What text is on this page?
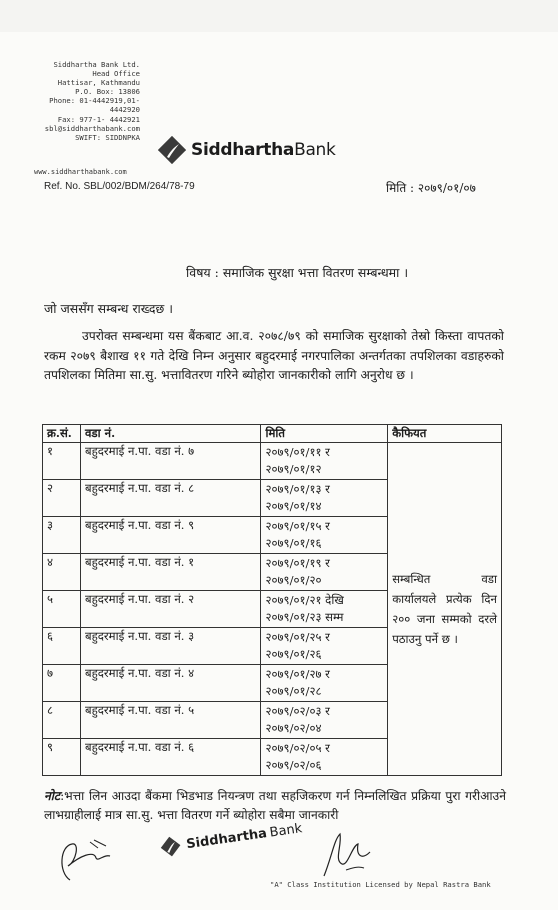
Siddhartha Bank Ltd.
Head Office
Hattisar, Kathmandu
P.O. Box: 13806
Phone: 01-4442919,01-
4442920
Fax: 977-1- 4442921
sbl@siddharthabank.com
SWIFT: SIDDNPKA
SiddharthaBank
www.siddharthabank.com
Ref. No. SBL/002/BDM/264/78-79	मिति : २०७९/०१/०७
विषय : समाजिक सुरक्षा भत्ता वितरण सम्बन्धमा ।
जो जससँग सम्बन्ध राख्दछ ।
उपरोक्त सम्बन्धमा यस बैंकबाट आ.व. २०७८/७९ को समाजिक सुरक्षाको तेस्रो किस्ता वापतको रकम २०७९ बैशाख ११ गते देखि निम्न अनुसार बहुदरमाई नगरपालिका अन्तर्गतका तपशिलका वडाहरुको तपशिलका मितिमा सा.सु. भत्तावितरण गरिने ब्योहोरा जानकारीको लागि अनुरोध छ ।
क्र.सं.	वडा नं.	मिति	कैफियत
१	बहुदरमाई न.पा. वडा नं. ७	२०७९/०१/११ र
२०७९/०१/१२	सम्बन्धित वडा कार्यालयले प्रत्येक दिन २०० जना सम्मको दरले पठाउनु पर्ने छ ।
२	बहुदरमाई न.पा. वडा नं. ८	२०७९/०१/१३ र
२०७९/०१/१४	

३	बहुदरमाई न.पा. वडा नं. ९	२०७९/०१/१५ र
२०७९/०१/१६	

४	बहुदरमाई न.पा. वडा नं. १	२०७९/०१/१९ र
२०७९/०१/२०	

५	बहुदरमाई न.पा. वडा नं. २	२०७९/०१/२१ देखि
२०७९/०१/२३ सम्म	

६	बहुदरमाई न.पा. वडा नं. ३	२०७९/०१/२५ र
२०७९/०१/२६	

७	बहुदरमाई न.पा. वडा नं. ४	२०७९/०१/२७ र
२०७९/०१/२८	

८	बहुदरमाई न.पा. वडा नं. ५	२०७९/०२/०३ र
२०७९/०२/०४	

९	बहुदरमाई न.पा. वडा नं. ६	२०७९/०२/०५ र
२०७९/०२/०६	
नोट:भत्ता लिन आउदा बैंकमा भिडभाड नियन्त्रण तथा सहजिकरण गर्न निम्नलिखित प्रक्रिया पुरा गरीआउने लाभग्राहीलाई मात्र सा.सु. भत्ता वितरण गर्ने ब्योहोरा सबैमा जानकारी
SiddharthaBank
"A" Class Institution Licensed by Nepal Rastra Bank
